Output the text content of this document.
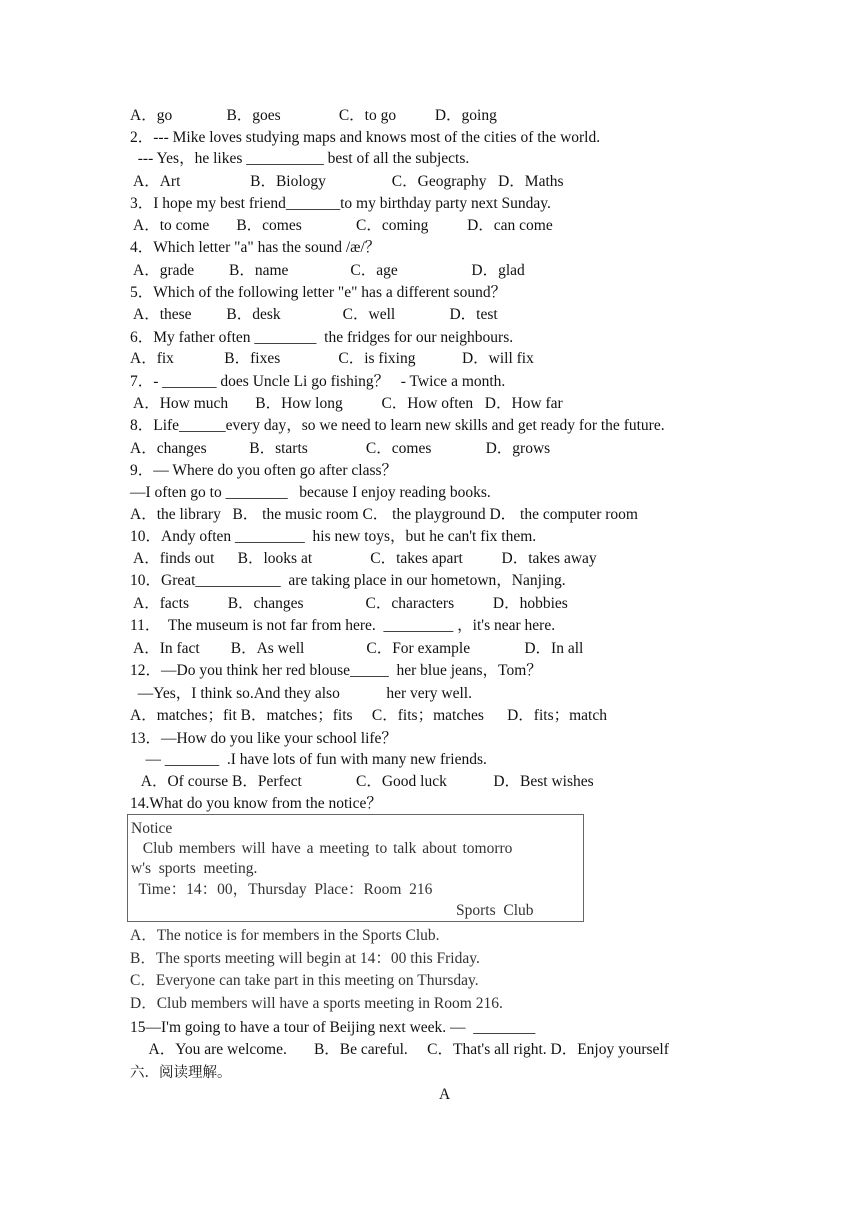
A．go              B．goes               C．to go          D．going
2．--- Mike loves studying maps and knows most of the cities of the world.
--- Yes，he likes __________ best of all the subjects.
A．Art                  B．Biology                 C．Geography   D．Maths
3．I hope my best friend_______to my birthday party next Sunday.
A．to come       B．comes              C．coming          D．can come
4．Which letter "a" has the sound /æ/？
A．grade         B．name                C．age                   D．glad
5．Which of the following letter "e" has a different sound？
A．these         B．desk                C．well              D．test
6．My father often ________  the fridges for our neighbours.
A．fix             B．fixes               C．is fixing            D．will fix
7．- _______ does Uncle Li go fishing？   - Twice a month.
A．How much       B．How long          C．How often   D．How far
8．Life______every day，so we need to learn new skills and get ready for the future.
A．changes           B．starts               C．comes              D．grows
9．— Where do you often go after class？
—I often go to ________   because I enjoy reading books.
A．the library   B． the music room C． the playground D． the computer room
10．Andy often _________  his new toys，but he can't fix them.
A．finds out      B．looks at               C．takes apart          D．takes away
10．Great___________  are taking place in our hometown，Nanjing.
A．facts          B．changes                C．characters          D．hobbies
11．  The museum is not far from here.  _________ ，it's near here.
A．In fact        B．As well                C．For example              D．In all
12．—Do you think her red blouse_____  her blue jeans，Tom？
—Yes，I think so.And they also            her very well.
A．matches；fit B．matches；fits     C．fits；matches      D．fits；match
13．—How do you like your school life？
— _______  .I have lots of fun with many new friends.
A．Of course B．Perfect              C．Good luck            D．Best wishes
14.What do you know from the notice？
Notice
Club members will have a meeting to talk about tomorro
w's  sports  meeting.
Time：14：00，Thursday  Place：Room  216
Sports  Club
A．The notice is for members in the Sports Club.
B．The sports meeting will begin at 14：00 this Friday.
C．Everyone can take part in this meeting on Thursday.
D．Club members will have a sports meeting in Room 216.
15—I'm going to have a tour of Beijing next week. —  ________
A．You are welcome.       B．Be careful.     C．That's all right. D．Enjoy yourself
六．阅读理解。
A
